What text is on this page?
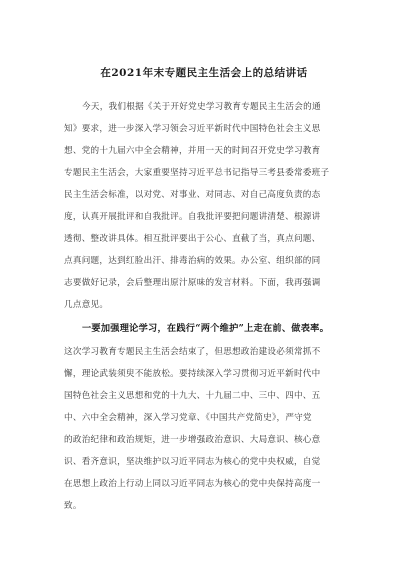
在2021年末专题民主生活会上的总结讲话
今天，我们根据《关于开好党史学习教育专题民主生活会的通
知》要求，进一步深入学习领会习近平新时代中国特色社会主义思
想、党的十九届六中全会精神，并用一天的时间召开党史学习教育
专题民主生活会，大家重要坚持习近平总书记指导三考县委常委班子
民主生活会标准，以对党、对事业、对同志、对自己高度负责的态
度，认真开展批评和自我批评。自我批评要把问题讲清楚、根源讲
透彻、整改讲具体。相互批评要出于公心、直截了当，真点问题、
点真问题，达到红脸出汗、排毒治病的效果。办公室、组织部的同
志要做好记录，会后整理出原汁原味的发言材料。下面，我再强调
几点意见。
一要加强理论学习，在践行“两个维护”上走在前、做表率。
这次学习教育专题民主生活会结束了，但思想政治建设必须常抓不
懈，理论武装须臾不能放松。要持续深入学习贯彻习近平新时代中
国特色社会主义思想和党的十九大、十九届二中、三中、四中、五
中、六中全会精神，深入学习党章、《中国共产党简史》，严守党
的政治纪律和政治规矩，进一步增强政治意识、大局意识、核心意
识、看齐意识，坚决维护以习近平同志为核心的党中央权威，自觉
在思想上政治上行动上同以习近平同志为核心的党中央保持高度一
致。
